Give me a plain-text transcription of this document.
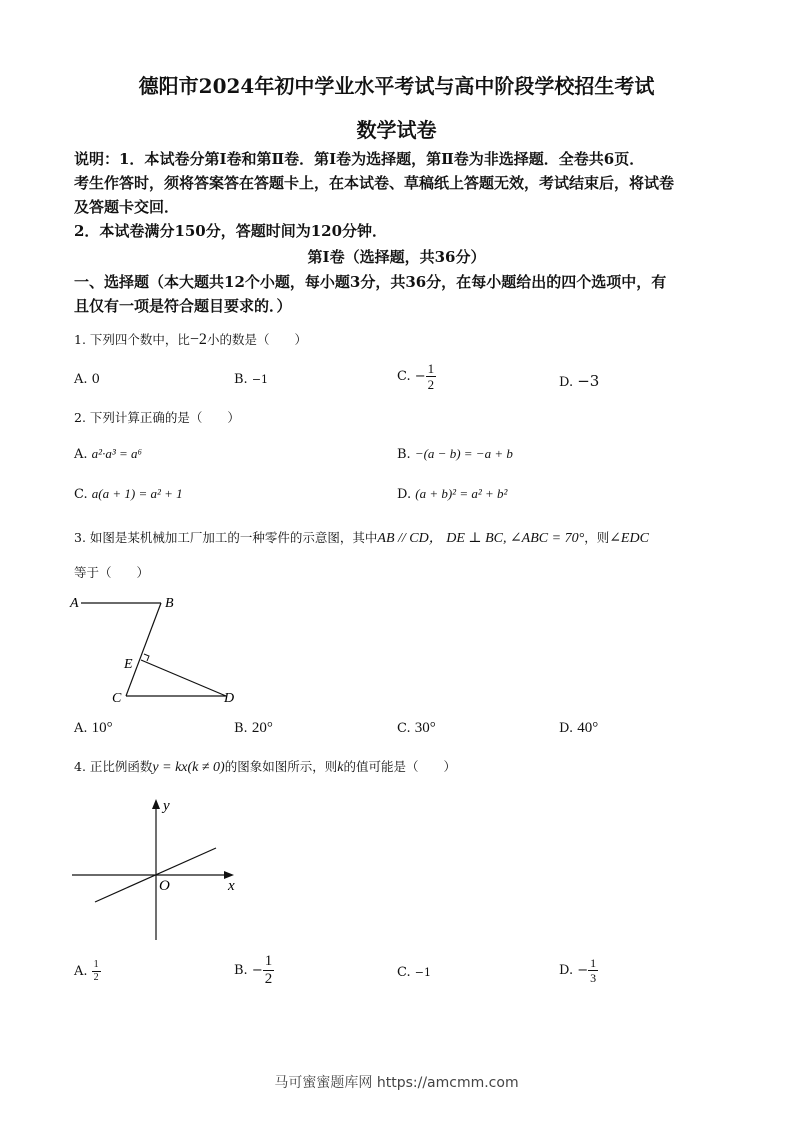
德阳市2024年初中学业水平考试与高中阶段学校招生考试
数学试卷
说明：1．本试卷分第Ⅰ卷和第Ⅱ卷．第Ⅰ卷为选择题，第Ⅱ卷为非选择题．全卷共6页．
考生作答时，须将答案答在答题卡上，在本试卷、草稿纸上答题无效，考试结束后，将试卷
及答题卡交回．
2．本试卷满分150分，答题时间为120分钟．
第Ⅰ卷（选择题，共36分）
一、选择题（本大题共12个小题，每小题3分，共36分，在每小题给出的四个选项中，有
且仅有一项是符合题目要求的．）
1. 下列四个数中，比−2小的数是（　　）
A. 0	B. −1	C. − $\frac{1}{2}$	D. −3
2. 下列计算正确的是（　　）
A. a²·a³ = a⁶	B. −(a − b) = −a + b
C. a(a + 1) = a² + 1	D. (a + b)² = a² + b²
3. 如图是某机械加工厂加工的一种零件的示意图，其中AB // CD， DE ⊥ BC, ∠ABC = 70°，则∠EDC
等于（　　）
A	B
E
C	D
A. 10°	B. 20°	C. 30°	D. 40°
4. 正比例函数y = kx(k ≠ 0)的图象如图所示，则k的值可能是（　　）
x
y
O
A. $\frac{1}{2}$	B. − $\frac{1}{2}$	C. −1	D. − $\frac{1}{3}$
马可蜜蜜题库网 https://amcmm.com
